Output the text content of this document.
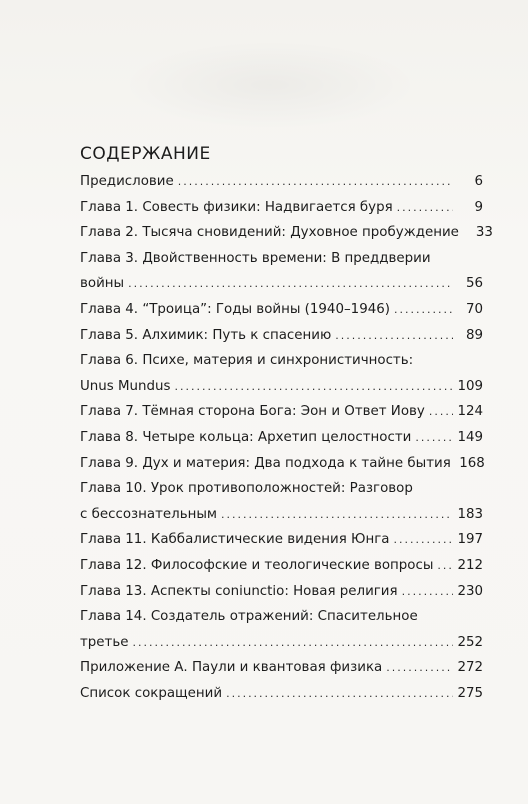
СОДЕРЖАНИЕ
Предисловие .....	6
Глава 1. Совесть физики: Надвигается буря .....	9
Глава 2. Тысяча сновидений: Духовное пробуждение	33
Глава 3. Двойственность времени: В преддверии
войны .....	56
Глава 4. “Троица”: Годы войны (1940–1946) .....	70
Глава 5. Алхимик: Путь к спасению .....	89
Глава 6. Психе, материя и синхронистичность:
Unus Mundus .....	109
Глава 7. Тёмная сторона Бога: Эон и Ответ Иову ..... 124
Глава 8. Четыре кольца: Архетип целостности .....	149
Глава 9. Дух и материя: Два подхода к тайне бытия 168
Глава 10. Урок противоположностей: Разговор
с бессознательным .....	183
Глава 11. Каббалистические видения Юнга .....	197
Глава 12. Философские и теологические вопросы ..... 212
Глава 13. Аспекты coniunctio: Новая религия .....	230
Глава 14. Создатель отражений: Спасительное
третье .....	252
Приложение А. Паули и квантовая физика .....	272
Список сокращений .....	275
